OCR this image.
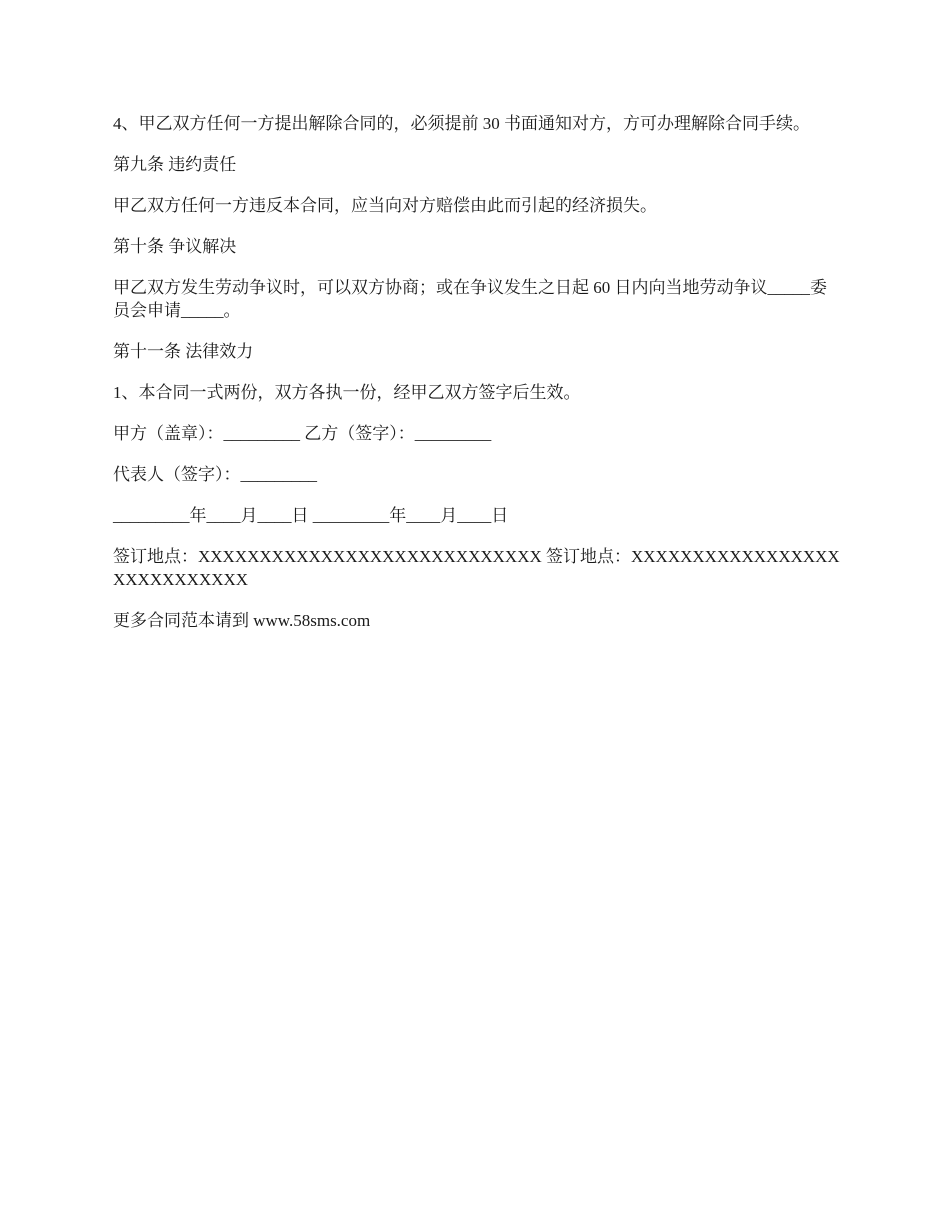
4、甲乙双方任何一方提出解除合同的，必须提前 30 书面通知对方，方可办理解除合同手续。

第九条 违约责任

甲乙双方任何一方违反本合同，应当向对方赔偿由此而引起的经济损失。

第十条 争议解决

甲乙双方发生劳动争议时，可以双方协商；或在争议发生之日起 60 日内向当地劳动争议_____委员会申请_____。

第十一条 法律效力

1、本合同一式两份，双方各执一份，经甲乙双方签字后生效。

甲方（盖章）：_________ 乙方（签字）：_________

代表人（签字）：_________

_________年____月____日 _________年____月____日

签订地点：XXXXXXXXXXXXXXXXXXXXXXXXXXXX 签订地点：XXXXXXXXXXXXXXXXXXXXXXXXXXXX

更多合同范本请到 www.58sms.com
